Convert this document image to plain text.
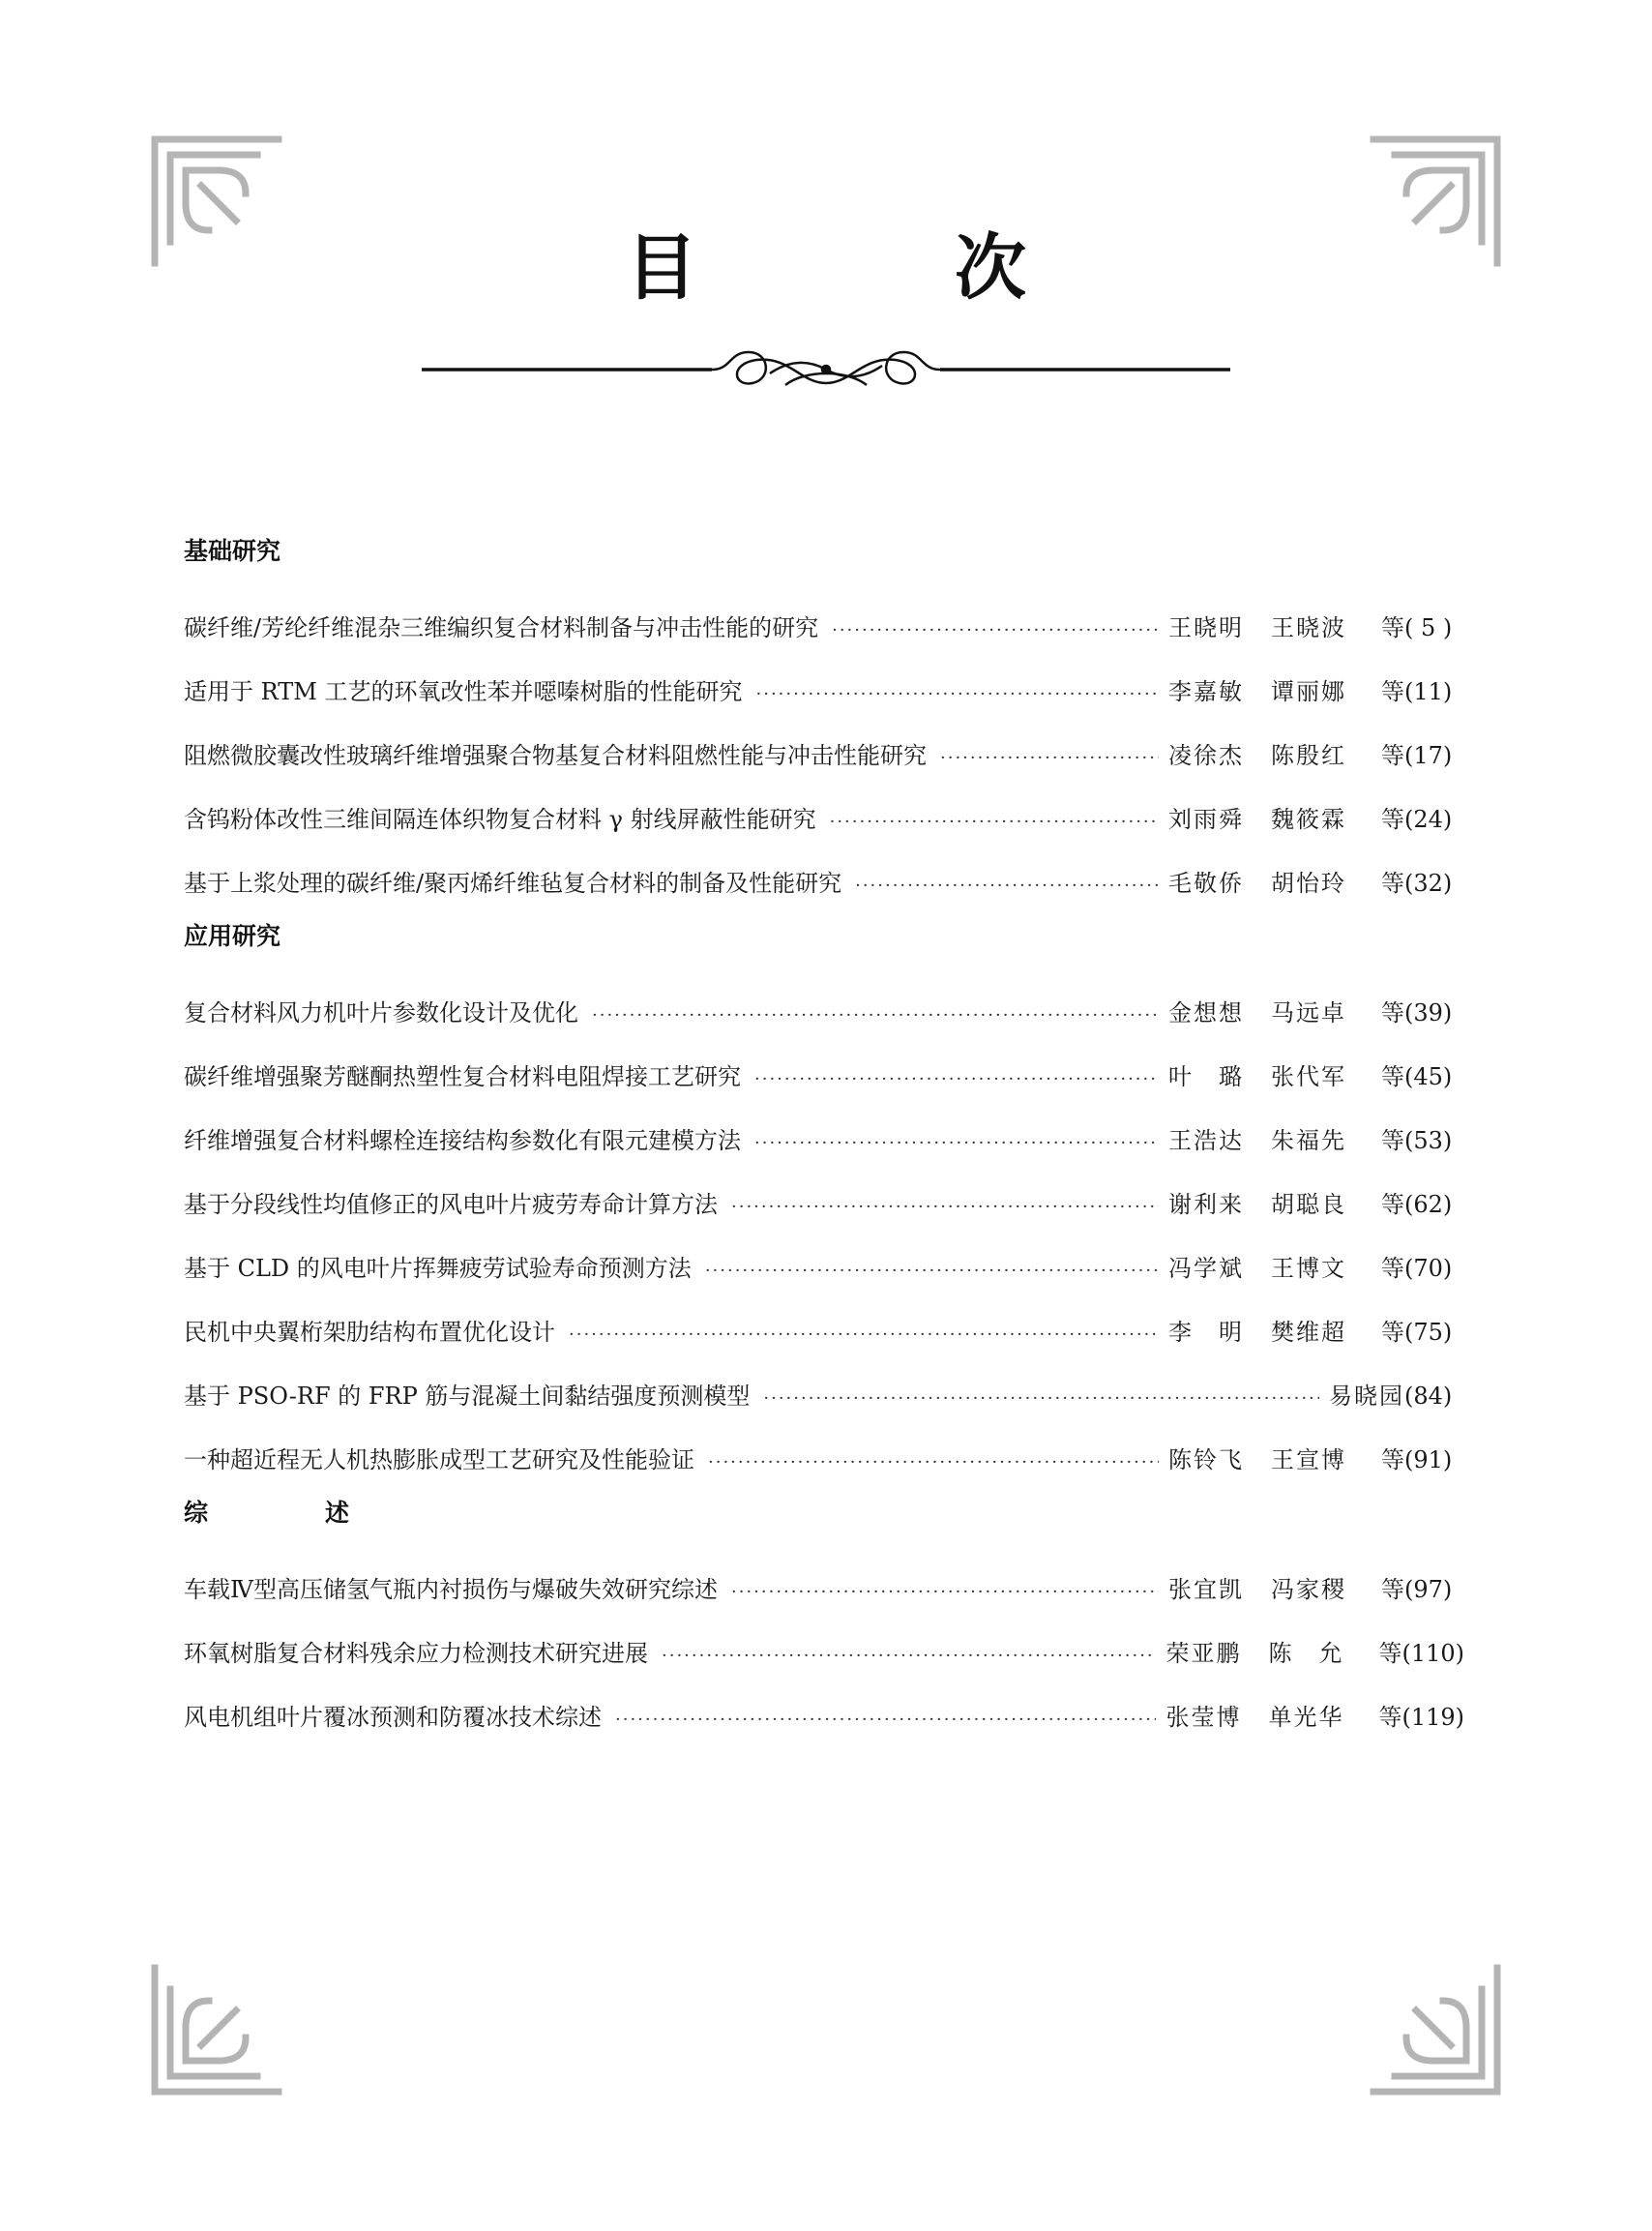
目　次
基础研究
碳纤维/芳纶纤维混杂三维编织复合材料制备与冲击性能的研究 ·····	王晓明	王晓波	等 ( 5 )
适用于 RTM 工艺的环氧改性苯并噁嗪树脂的性能研究 ·····	李嘉敏	谭丽娜	等 (11)
阻燃微胶囊改性玻璃纤维增强聚合物基复合材料阻燃性能与冲击性能研究 ·····	凌徐杰	陈殷红	等 (17)
含钨粉体改性三维间隔连体织物复合材料 γ 射线屏蔽性能研究 ·····	刘雨舜	魏筱霖	等 (24)
基于上浆处理的碳纤维/聚丙烯纤维毡复合材料的制备及性能研究 ·····	毛敬侨	胡怡玲	等 (32)
应用研究
复合材料风力机叶片参数化设计及优化 ·····	金想想	马远卓	等 (39)
碳纤维增强聚芳醚酮热塑性复合材料电阻焊接工艺研究 ·····	叶　璐	张代军	等 (45)
纤维增强复合材料螺栓连接结构参数化有限元建模方法 ·····	王浩达	朱福先	等 (53)
基于分段线性均值修正的风电叶片疲劳寿命计算方法 ·····	谢利来	胡聪良	等 (62)
基于 CLD 的风电叶片挥舞疲劳试验寿命预测方法 ·····	冯学斌	王博文	等 (70)
民机中央翼桁架肋结构布置优化设计 ·····	李　明	樊维超	等 (75)
基于 PSO-RF 的 FRP 筋与混凝土间黏结强度预测模型 ·····	易晓园 (84)
一种超近程无人机热膨胀成型工艺研究及性能验证 ·····	陈铃飞	王宣博	等 (91)
综　述
车载Ⅳ型高压储氢气瓶内衬损伤与爆破失效研究综述 ·····	张宜凯	冯家稷	等 (97)
环氧树脂复合材料残余应力检测技术研究进展 ·····	荣亚鹏	陈　允	等 (110)
风电机组叶片覆冰预测和防覆冰技术综述 ·····	张莹博	单光华	等 (119)
